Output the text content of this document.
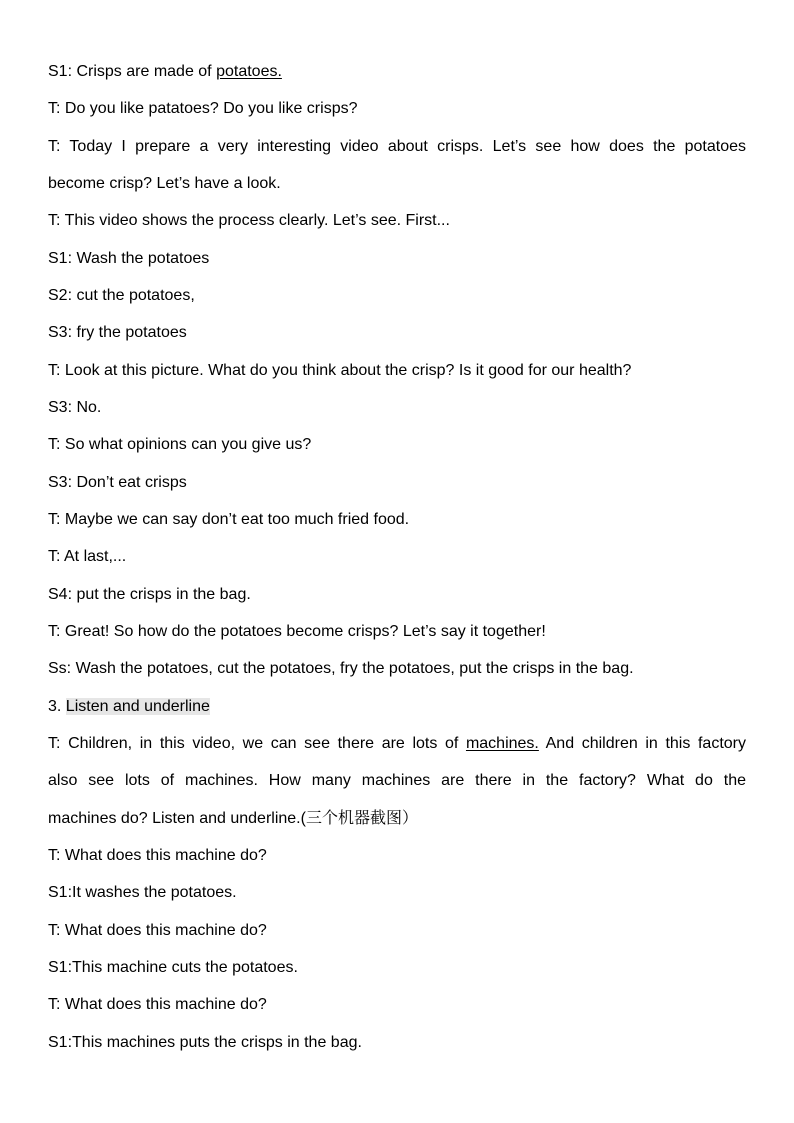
S1: Crisps are made of potatoes.
T: Do you like patatoes? Do you like crisps?
T: Today I prepare a very interesting video about crisps. Let’s see how does the potatoes
become crisp? Let’s have a look.
T: This video shows the process clearly. Let’s see. First...
S1: Wash the potatoes
S2: cut the potatoes,
S3: fry the potatoes
T: Look at this picture. What do you think about the crisp? Is it good for our health?
S3: No.
T: So what opinions can you give us?
S3: Don’t eat crisps
T: Maybe we can say don’t eat too much fried food.
T: At last,...
S4: put the crisps in the bag.
T: Great! So how do the potatoes become crisps? Let’s say it together!
Ss: Wash the potatoes, cut the potatoes, fry the potatoes, put the crisps in the bag.
3. Listen and underline
T: Children, in this video, we can see there are lots of machines. And children in this factory
also see lots of machines. How many machines are there in the factory? What do the
machines do? Listen and underline.(三个机器截图）
T: What does this machine do?
S1:It washes the potatoes.
T: What does this machine do?
S1:This machine cuts the potatoes.
T: What does this machine do?
S1:This machines puts the crisps in the bag.
